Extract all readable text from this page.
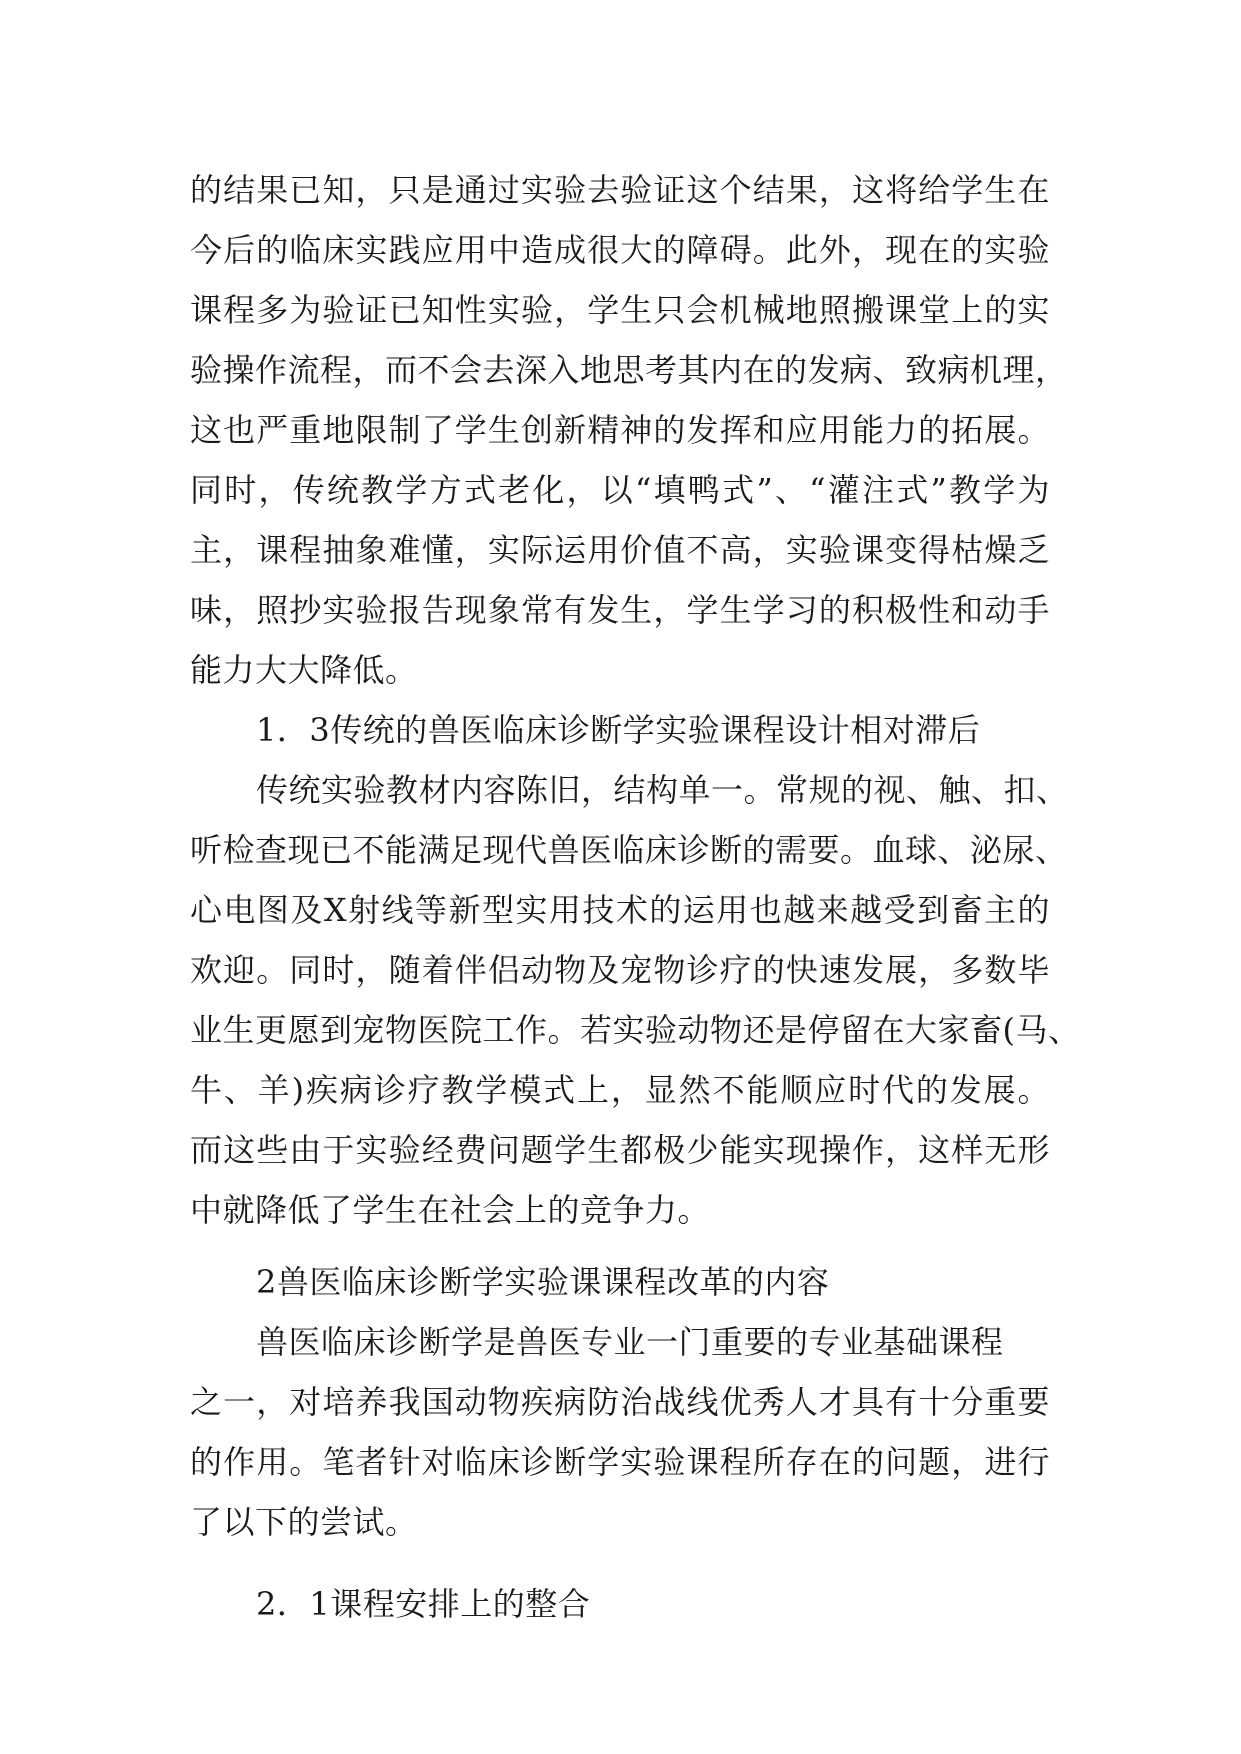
的结果已知，只是通过实验去验证这个结果，这将给学生在
今后的临床实践应用中造成很大的障碍。此外，现在的实验
课程多为验证已知性实验，学生只会机械地照搬课堂上的实
验操作流程，而不会去深入地思考其内在的发病、致病机理，
这也严重地限制了学生创新精神的发挥和应用能力的拓展。
同时，传统教学方式老化，以“填鸭式”、“灌注式”教学为
主，课程抽象难懂，实际运用价值不高，实验课变得枯燥乏
味，照抄实验报告现象常有发生，学生学习的积极性和动手
能力大大降低。
1．3传统的兽医临床诊断学实验课程设计相对滞后
传统实验教材内容陈旧，结构单一。常规的视、触、扣、
听检查现已不能满足现代兽医临床诊断的需要。血球、泌尿、
心电图及X射线等新型实用技术的运用也越来越受到畜主的
欢迎。同时，随着伴侣动物及宠物诊疗的快速发展，多数毕
业生更愿到宠物医院工作。若实验动物还是停留在大家畜(马、
牛、羊)疾病诊疗教学模式上，显然不能顺应时代的发展。
而这些由于实验经费问题学生都极少能实现操作，这样无形
中就降低了学生在社会上的竞争力。
2兽医临床诊断学实验课课程改革的内容
兽医临床诊断学是兽医专业一门重要的专业基础课程
之一，对培养我国动物疾病防治战线优秀人才具有十分重要
的作用。笔者针对临床诊断学实验课程所存在的问题，进行
了以下的尝试。
2．1课程安排上的整合
